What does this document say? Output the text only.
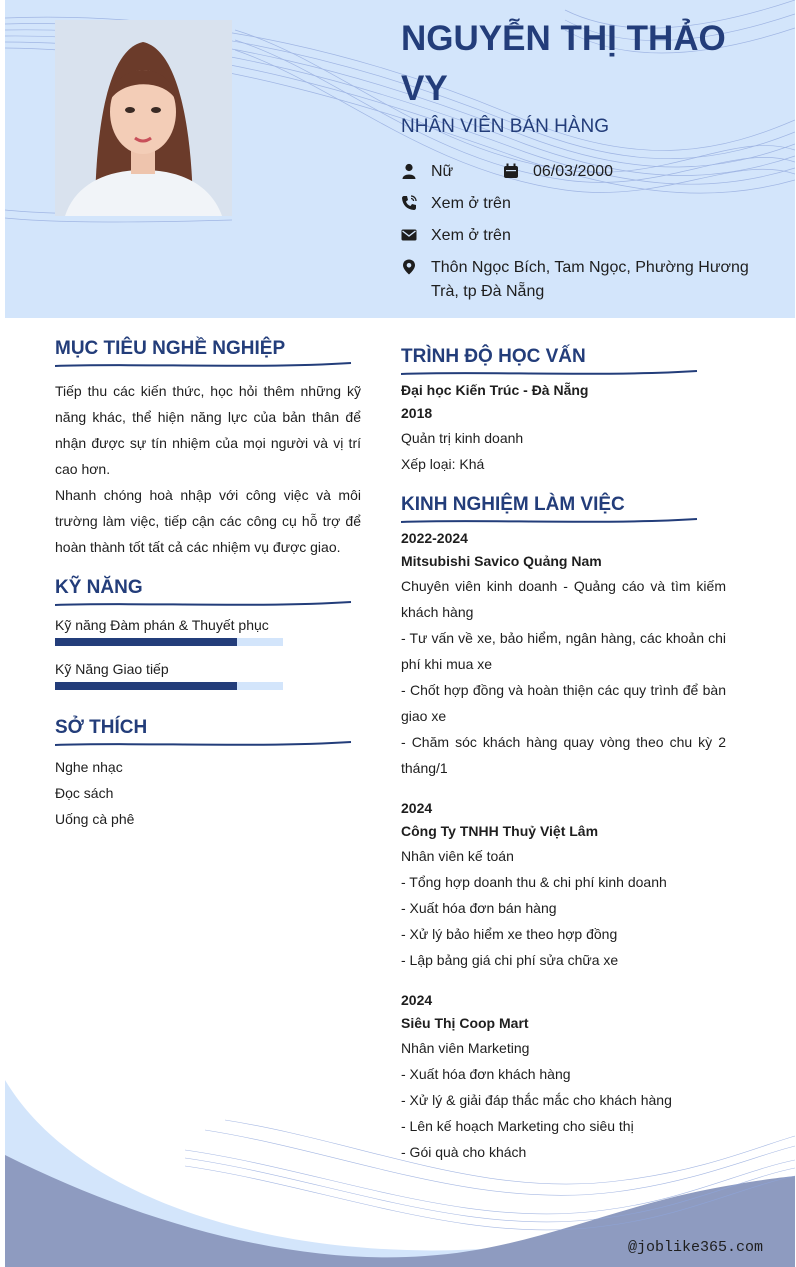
NGUYỄN THỊ THẢO VY
NHÂN VIÊN BÁN HÀNG
Nữ	06/03/2000
Xem ở trên
Xem ở trên
Thôn Ngọc Bích, Tam Ngọc, Phường Hương Trà, tp Đà Nẵng
MỤC TIÊU NGHỀ NGHIỆP

Tiếp thu các kiến thức, học hỏi thêm những kỹ năng khác, thể hiện năng lực của bản thân để nhận được sự tín nhiệm của mọi người và vị trí cao hơn.

Nhanh chóng hoà nhập với công việc và môi trường làm việc, tiếp cận các công cụ hỗ trợ để hoàn thành tốt tất cả các nhiệm vụ được giao.

KỸ NĂNG

Kỹ năng Đàm phán & Thuyết phục

Kỹ Năng Giao tiếp

SỞ THÍCH

Nghe nhạc

Đọc sách

Uống cà phê

TRÌNH ĐỘ HỌC VẤN

Đại học Kiến Trúc - Đà Nẵng

2018

Quản trị kinh doanh

Xếp loại: Khá

KINH NGHIỆM LÀM VIỆC

2022-2024

Mitsubishi Savico Quảng Nam

Chuyên viên kinh doanh - Quảng cáo và tìm kiếm khách hàng

- Tư vấn về xe, bảo hiểm, ngân hàng, các khoản chi phí khi mua xe

- Chốt hợp đồng và hoàn thiện các quy trình để bàn giao xe

- Chăm sóc khách hàng quay vòng theo chu kỳ 2 tháng/1

2024

Công Ty TNHH Thuỷ Việt Lâm

Nhân viên kế toán

- Tổng hợp doanh thu & chi phí kinh doanh

- Xuất hóa đơn bán hàng

- Xử lý bảo hiểm xe theo hợp đồng

- Lập bảng giá chi phí sửa chữa xe

2024

Siêu Thị Coop Mart

Nhân viên Marketing

- Xuất hóa đơn khách hàng

- Xử lý & giải đáp thắc mắc cho khách hàng

- Lên kế hoạch Marketing cho siêu thị

- Gói quà cho khách

@joblike365.com
